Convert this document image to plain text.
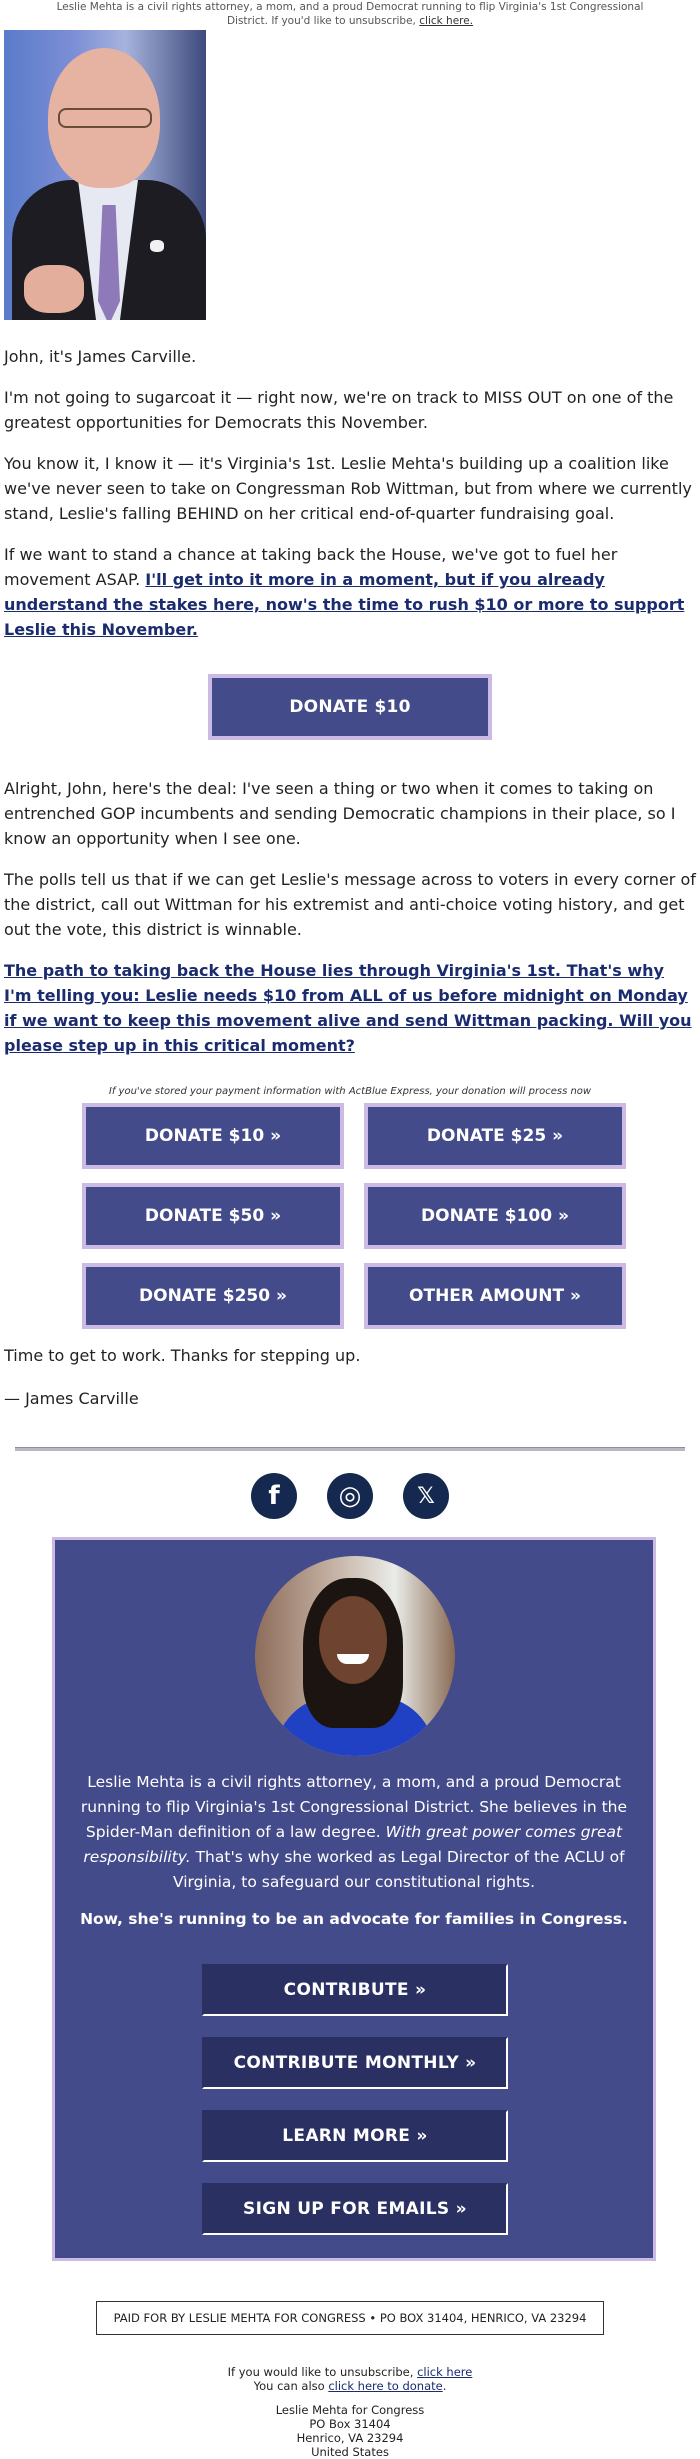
Leslie Mehta is a civil rights attorney, a mom, and a proud Democrat running to flip Virginia's 1st Congressional District. If you'd like to unsubscribe, click here.

John, it's James Carville.

I'm not going to sugarcoat it — right now, we're on track to MISS OUT on one of the greatest opportunities for Democrats this November.

You know it, I know it — it's Virginia's 1st. Leslie Mehta's building up a coalition like we've never seen to take on Congressman Rob Wittman, but from where we currently stand, Leslie's falling BEHIND on her critical end-of-quarter fundraising goal.

If we want to stand a chance at taking back the House, we've got to fuel her movement ASAP. I'll get into it more in a moment, but if you already understand the stakes here, now's the time to rush $10 or more to support Leslie this November.

DONATE $10

Alright, John, here's the deal: I've seen a thing or two when it comes to taking on entrenched GOP incumbents and sending Democratic champions in their place, so I know an opportunity when I see one.

The polls tell us that if we can get Leslie's message across to voters in every corner of the district, call out Wittman for his extremist and anti-choice voting history, and get out the vote, this district is winnable.

The path to taking back the House lies through Virginia's 1st. That's why I'm telling you: Leslie needs $10 from ALL of us before midnight on Monday if we want to keep this movement alive and send Wittman packing. Will you please step up in this critical moment?

If you've stored your payment information with ActBlue Express, your donation will process now
DONATE $10 »	DONATE $25 »
DONATE $50 »	DONATE $100 »
DONATE $250 »	OTHER AMOUNT »

Time to get to work. Thanks for stepping up.

— James Carville

f	◎	𝕏
Leslie Mehta is a civil rights attorney, a mom, and a proud Democrat running to flip Virginia's 1st Congressional District. She believes in the Spider-Man definition of a law degree. With great power comes great responsibility. That's why she worked as Legal Director of the ACLU of Virginia, to safeguard our constitutional rights.
Now, she's running to be an advocate for families in Congress.
CONTRIBUTE »
CONTRIBUTE MONTHLY »
LEARN MORE »
SIGN UP FOR EMAILS »
PAID FOR BY LESLIE MEHTA FOR CONGRESS • PO BOX 31404, HENRICO, VA 23294
If you would like to unsubscribe, click here
You can also click here to donate.
Leslie Mehta for Congress
PO Box 31404
Henrico, VA 23294
United States
